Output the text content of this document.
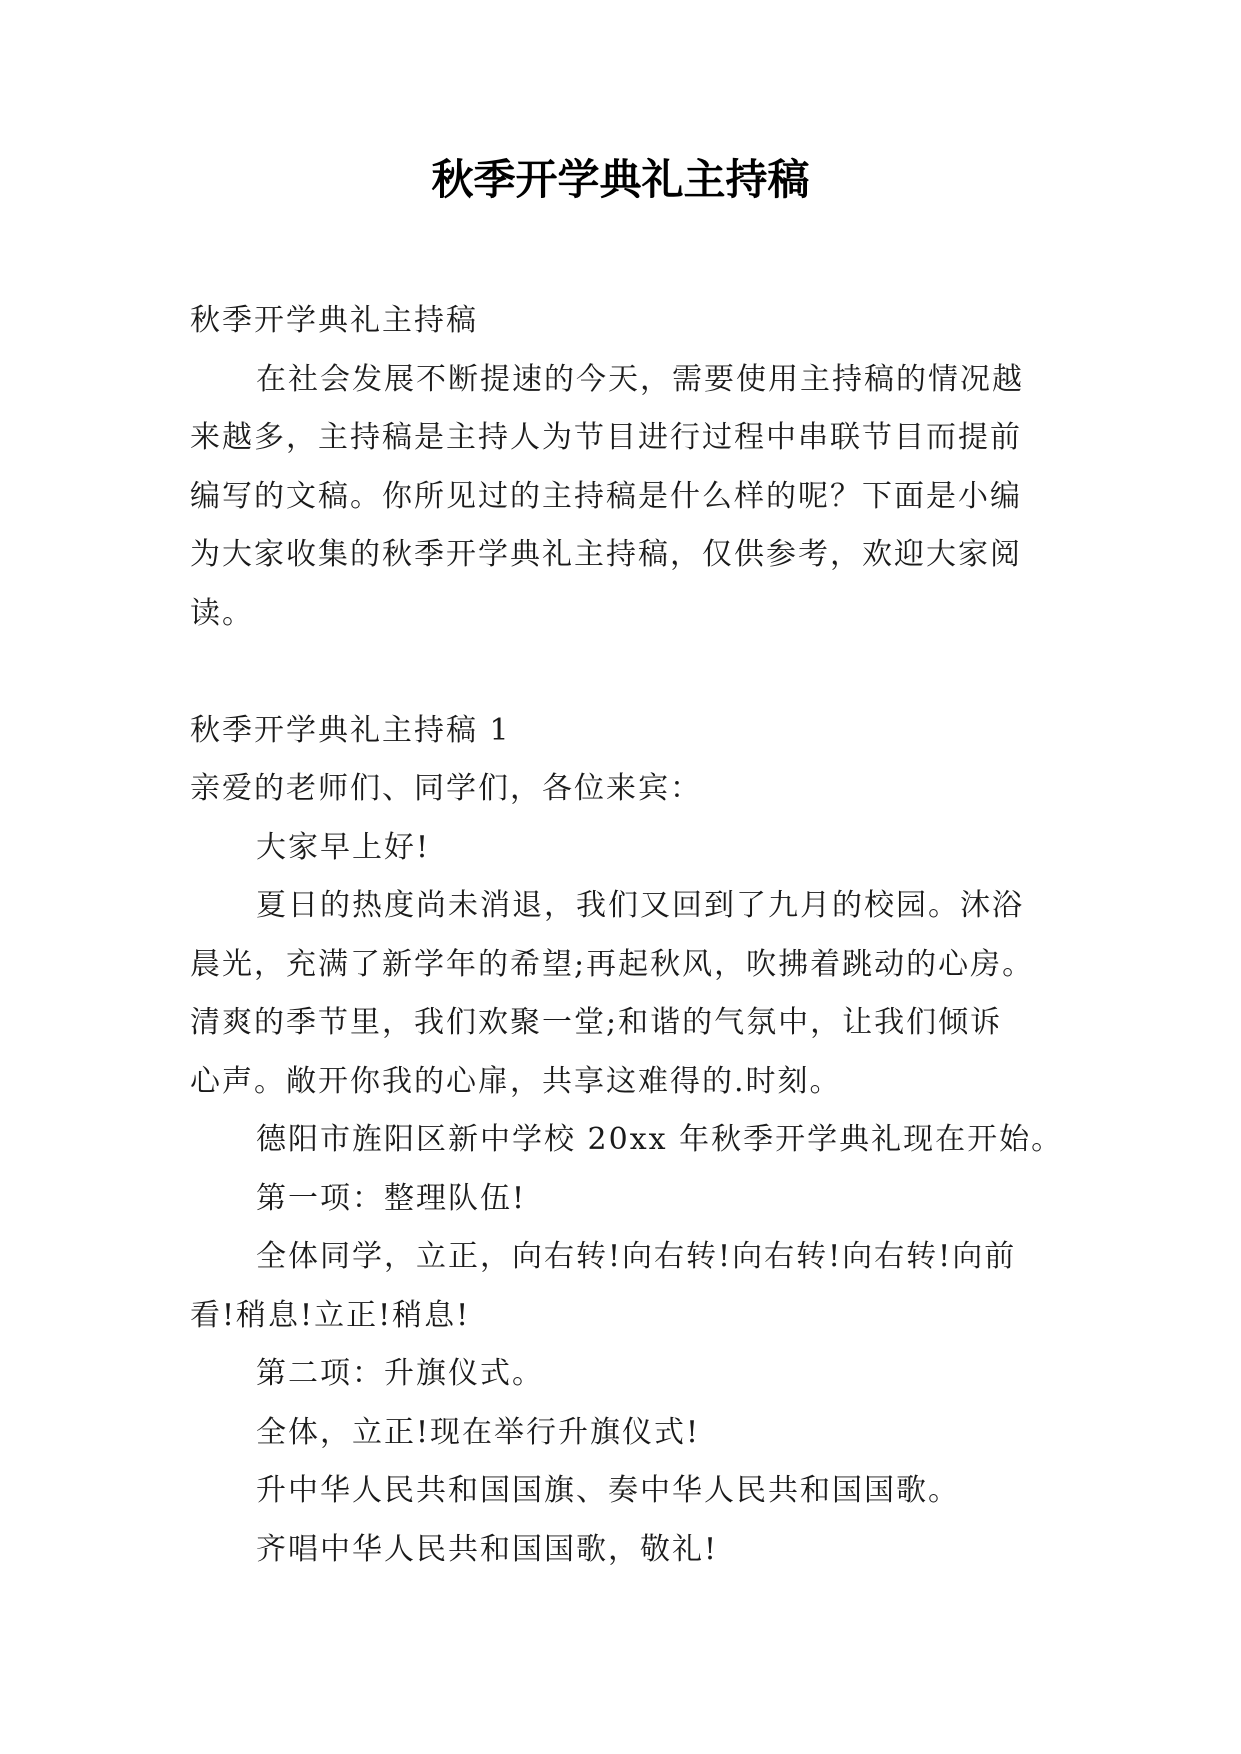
秋季开学典礼主持稿

秋季开学典礼主持稿

在社会发展不断提速的今天，需要使用主持稿的情况越

来越多，主持稿是主持人为节目进行过程中串联节目而提前

编写的文稿。你所见过的主持稿是什么样的呢？下面是小编

为大家收集的秋季开学典礼主持稿，仅供参考，欢迎大家阅

读。

秋季开学典礼主持稿 1

亲爱的老师们、同学们，各位来宾：

大家早上好!

夏日的热度尚未消退，我们又回到了九月的校园。沐浴

晨光，充满了新学年的希望;再起秋风，吹拂着跳动的心房。

清爽的季节里，我们欢聚一堂;和谐的气氛中，让我们倾诉

心声。敞开你我的心扉，共享这难得的.时刻。

德阳市旌阳区新中学校 20xx 年秋季开学典礼现在开始。

第一项：整理队伍!

全体同学，立正，向右转!向右转!向右转!向右转!向前

看!稍息!立正!稍息!

第二项：升旗仪式。

全体，立正!现在举行升旗仪式!

升中华人民共和国国旗、奏中华人民共和国国歌。

齐唱中华人民共和国国歌，敬礼!
